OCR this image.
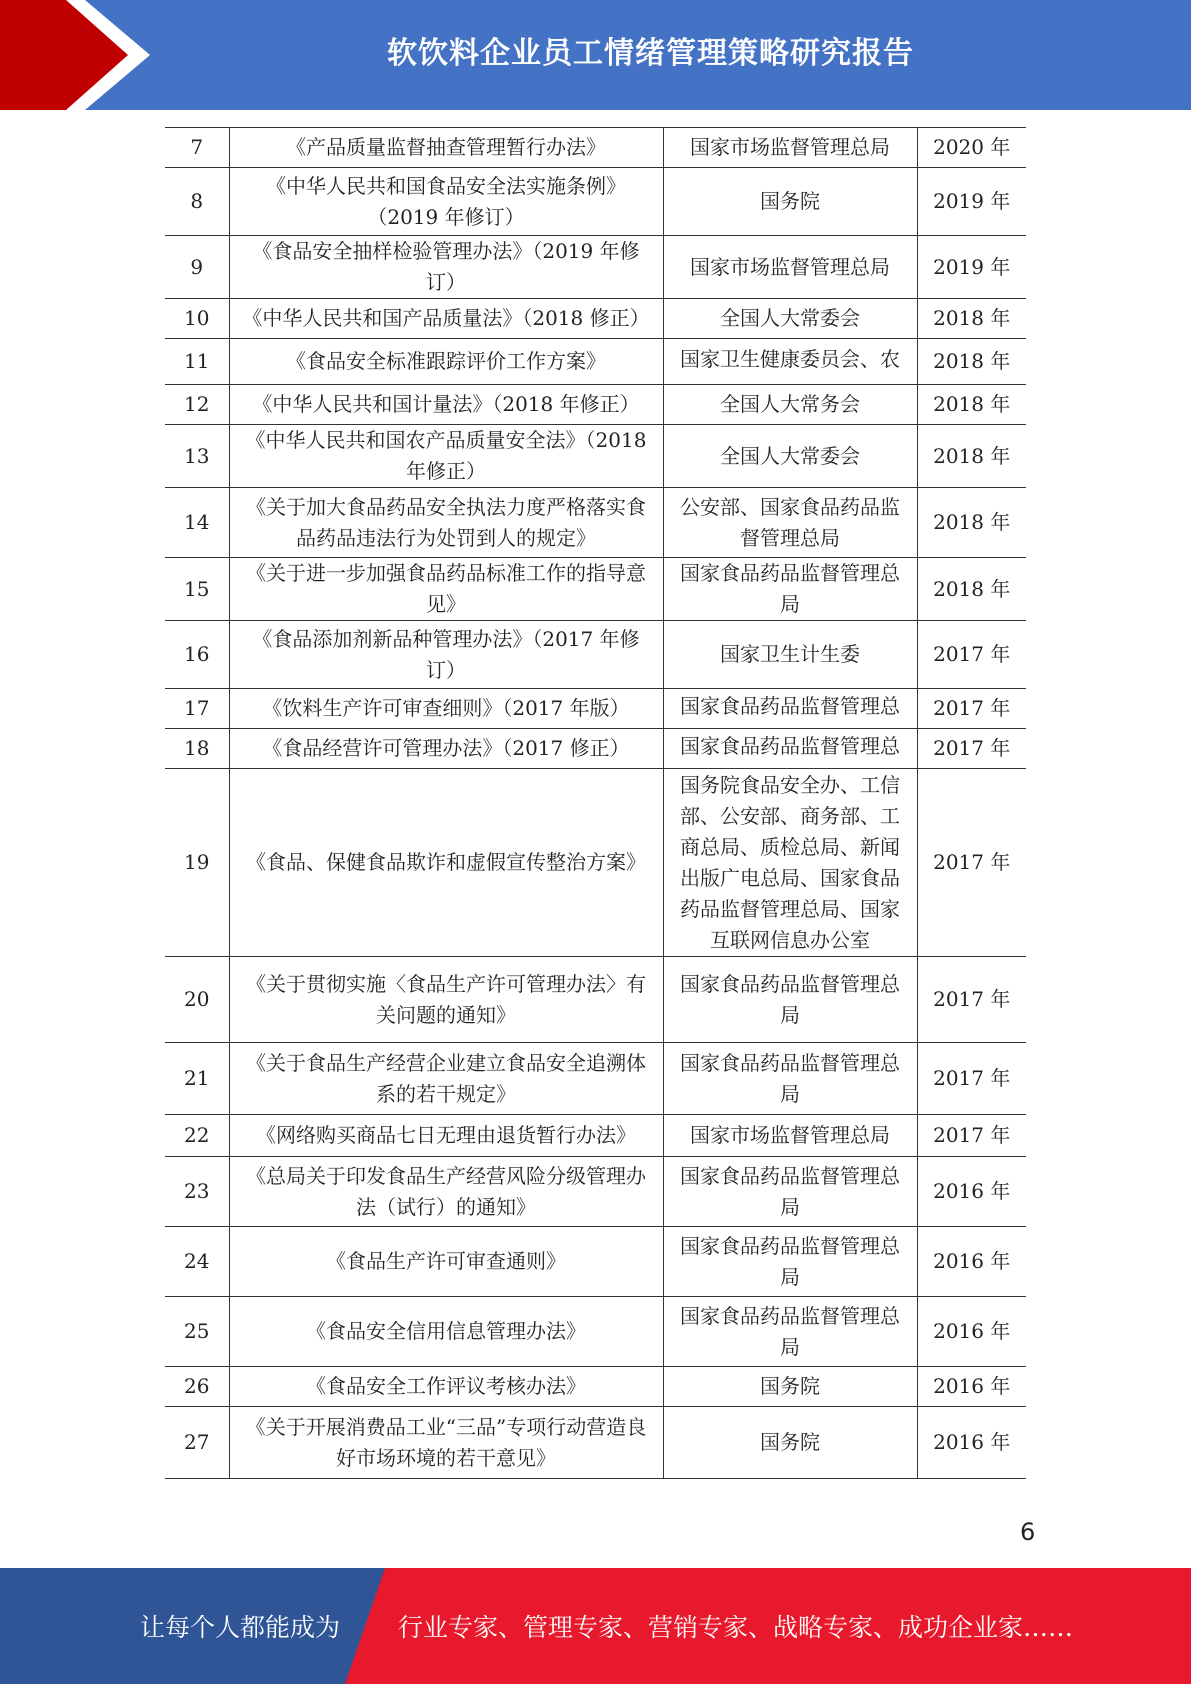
软饮料企业员工情绪管理策略研究报告
7	《产品质量监督抽查管理暂行办法》	国家市场监督管理总局	2020 年
8	《中华人民共和国食品安全法实施条例》（2019 年修订）	国务院	2019 年
9	《食品安全抽样检验管理办法》（2019 年修订）	国家市场监督管理总局	2019 年
10	《中华人民共和国产品质量法》（2018 修正）	全国人大常委会	2018 年
11	《食品安全标准跟踪评价工作方案》	国家卫生健康委员会、农	2018 年
12	《中华人民共和国计量法》（2018 年修正）	全国人大常务会	2018 年
13	《中华人民共和国农产品质量安全法》（2018 年修正）	全国人大常委会	2018 年
14	《关于加大食品药品安全执法力度严格落实食品药品违法行为处罚到人的规定》	公安部、国家食品药品监督管理总局	2018 年
15	《关于进一步加强食品药品标准工作的指导意见》	国家食品药品监督管理总局	2018 年
16	《食品添加剂新品种管理办法》（2017 年修订）	国家卫生计生委	2017 年
17	《饮料生产许可审查细则》（2017 年版）	国家食品药品监督管理总	2017 年
18	《食品经营许可管理办法》（2017 修正）	国家食品药品监督管理总	2017 年
19	《食品、保健食品欺诈和虚假宣传整治方案》	国务院食品安全办、工信部、公安部、商务部、工商总局、质检总局、新闻出版广电总局、国家食品药品监督管理总局、国家互联网信息办公室	2017 年
20	《关于贯彻实施〈食品生产许可管理办法〉有关问题的通知》	国家食品药品监督管理总局	2017 年
21	《关于食品生产经营企业建立食品安全追溯体系的若干规定》	国家食品药品监督管理总局	2017 年
22	《网络购买商品七日无理由退货暂行办法》	国家市场监督管理总局	2017 年
23	《总局关于印发食品生产经营风险分级管理办法（试行）的通知》	国家食品药品监督管理总局	2016 年
24	《食品生产许可审查通则》	国家食品药品监督管理总局	2016 年
25	《食品安全信用信息管理办法》	国家食品药品监督管理总局	2016 年
26	《食品安全工作评议考核办法》	国务院	2016 年
27	《关于开展消费品工业“三品”专项行动营造良好市场环境的若干意见》	国务院	2016 年
6
让每个人都能成为 行业专家、管理专家、营销专家、战略专家、成功企业家……
